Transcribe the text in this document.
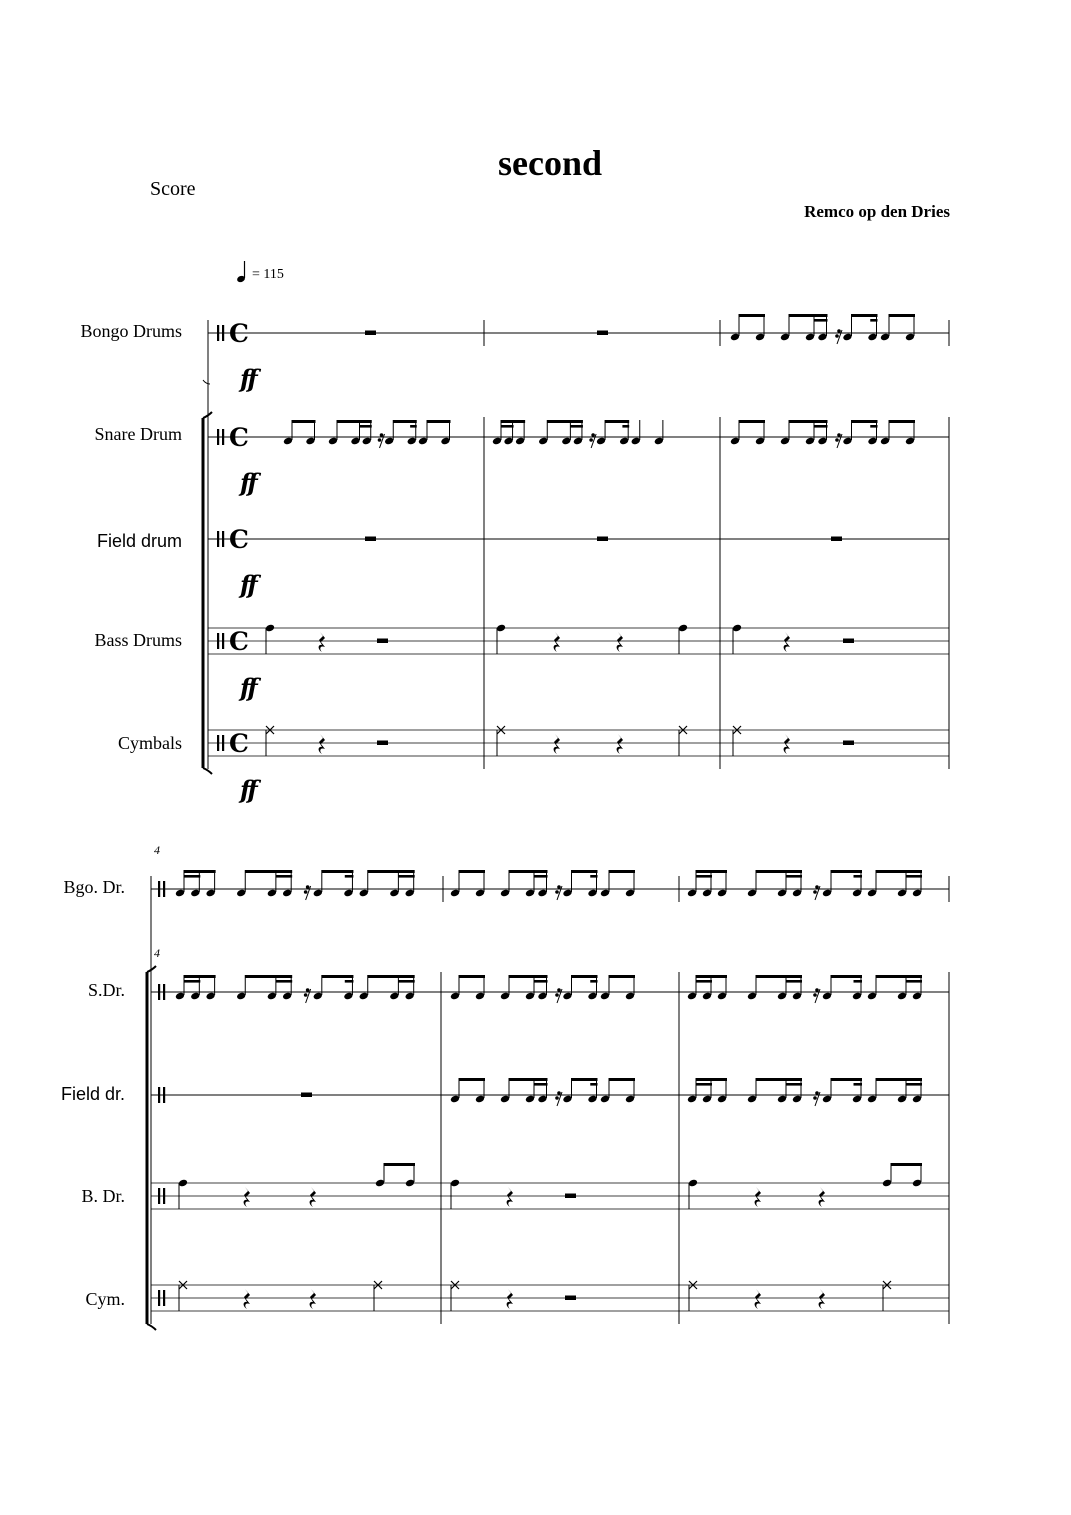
second
Score
Remco op den Dries
= 115
Bongo Drums
Snare Drum
Field drum
Bass Drums
Cymbals
ff
ff
ff
ff
ff
4
4
Bgo. Dr.
S.Dr.
Field dr.
B. Dr.
Cym.
C
C
C
C
C
